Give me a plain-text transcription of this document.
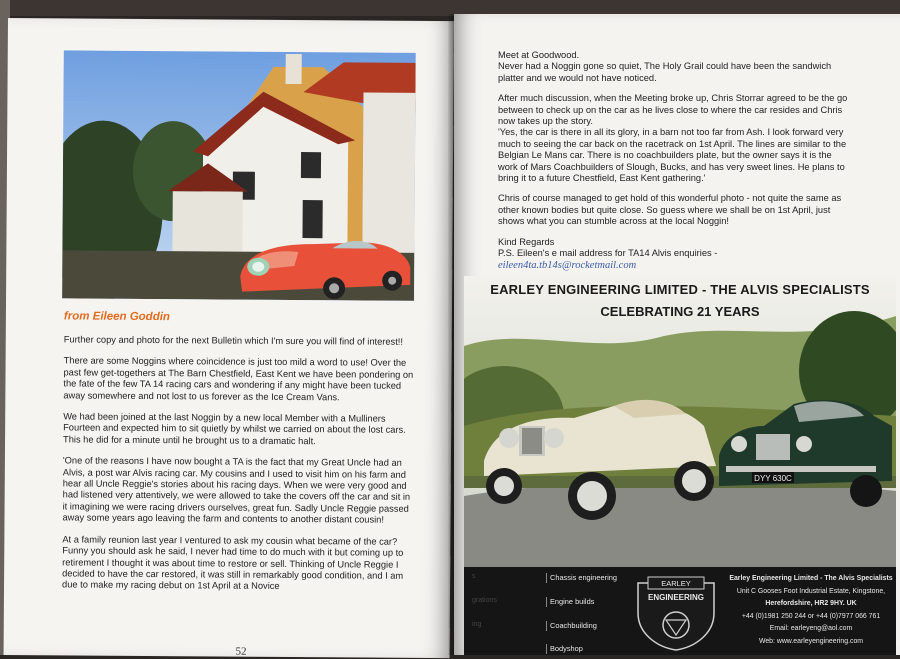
from Eileen Goddin

Further copy and photo for the next Bulletin which I'm sure you will find of interest!!

There are some Noggins where coincidence is just too mild a word to use! Over the past few get-togethers at The Barn Chestfield, East Kent we have been pondering on the fate of the few TA 14 racing cars and wondering if any might have been tucked away somewhere and not lost to us forever as the Ice Cream Vans.

We had been joined at the last Noggin by a new local Member with a Mulliners Fourteen and expected him to sit quietly by whilst we carried on about the lost cars. This he did for a minute until he brought us to a dramatic halt.

'One of the reasons I have now bought a TA is the fact that my Great Uncle had an Alvis, a post war Alvis racing car. My cousins and I used to visit him on his farm and hear all Uncle Reggie's stories about his racing days. When we were very good and had listened very attentively, we were allowed to take the covers off the car and sit in it imagining we were racing drivers ourselves, great fun. Sadly Uncle Reggie passed away some years ago leaving the farm and contents to another distant cousin!

At a family reunion last year I ventured to ask my cousin what became of the car? Funny you should ask he said, I never had time to do much with it but coming up to retirement I thought it was about time to restore or sell. Thinking of Uncle Reggie I decided to have the car restored, it was still in remarkably good condition, and I am due to make my racing debut on 1st April at a Novice

52

Meet at Goodwood.
Never had a Noggin gone so quiet, The Holy Grail could have been the sandwich platter and we would not have noticed.

After much discussion, when the Meeting broke up, Chris Storrar agreed to be the go between to check up on the car as he lives close to where the car resides and Chris now takes up the story.
'Yes, the car is there in all its glory, in a barn not too far from Ash. I look forward very much to seeing the car back on the racetrack on 1st April. The lines are similar to the Belgian Le Mans car. There is no coachbuilders plate, but the owner says it is the work of Mars Coachbuilders of Slough, Bucks, and has very sweet lines. He plans to bring it to a future Chestfield, East Kent gathering.'

Chris of course managed to get hold of this wonderful photo - not quite the same as other known bodies but quite close. So guess where we shall be on 1st April, just shows what you can stumble across at the local Noggin!

Kind Regards
P.S. Eileen's e mail address for TA14 Alvis enquiries -
eileen4ta.tb14s@rocketmail.com

DYY 630C
EARLEY ENGINEERING LIMITED - THE ALVIS SPECIALISTS
CELEBRATING 21 YEARS
s
grations
ing
Chassis engineering
Engine builds
Coachbuilding
Bodyshop
EARLEY
ENGINEERING
Earley Engineering Limited - The Alvis Specialists
Unit C Gooses Foot Industrial Estate, Kingstone,
Herefordshire, HR2 9HY. UK
+44 (0)1981 250 244 or +44 (0)7977 066 761
Email: earleyeng@aol.com
Web: www.earleyengineering.com
